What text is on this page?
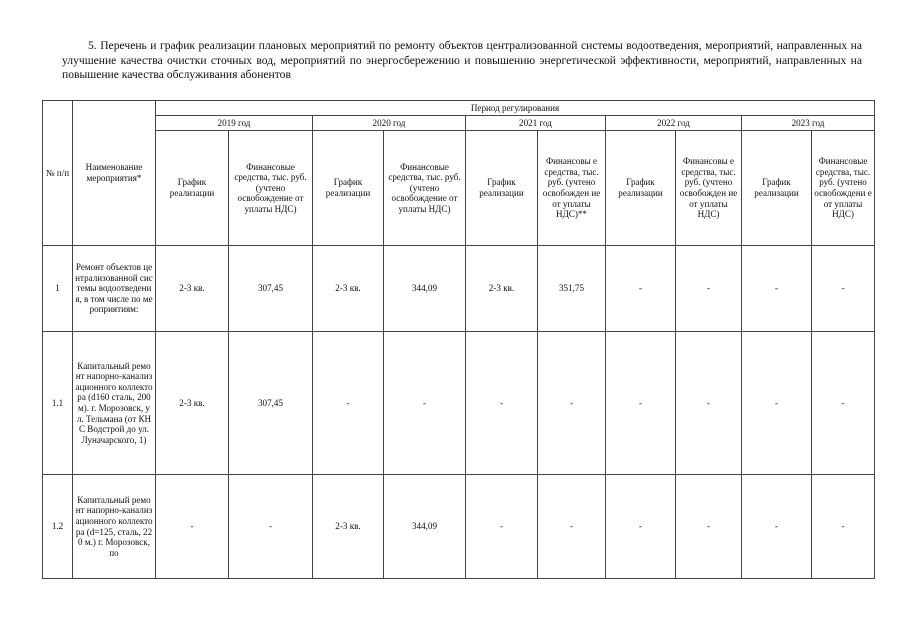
5. Перечень и график реализации плановых мероприятий по ремонту объектов централизованной системы водоотведения, мероприятий, направленных на улучшение качества очистки сточных вод, мероприятий по энергосбережению и повышению энергетической эффективности, мероприятий, направленных на повышение качества обслуживания абонентов
№ п/п	Наименование мероприятия*	Период регулирования									
		2019 год		2020 год		2021 год		2022 год		2023 год	
		График реализации	Финансовые средства, тыс. руб. (учтено освобождение от уплаты НДС)	График реализации	Финансовые средства, тыс. руб. (учтено освобождение от уплаты НДС)	График реализации	Финансовы е средства, тыс. руб. (учтено освобожден ие от уплаты НДС)**	График реализации	Финансовы е средства, тыс. руб. (учтено освобожден ие от уплаты НДС)	График реализации	Финансовые средства, тыс. руб. (учтено освобождени е от уплаты НДС)
1	Ремонт объектов централизованной системы водоотведения, в том числе по мероприятиям:	2-3 кв.	307,45	2-3 кв.	344,09	2-3 кв.	351,75	-	-	-	-
1.1	Капитальный ремонт напорно-канализационного коллектора (d160 сталь, 200м). г. Морозовск, ул. Тельмана (от КНС Водстрой до ул. Луначарского, 1)	2-3 кв.	307,45	-	-	-	-	-	-	-	-
1.2	Капитальный ремонт напорно-канализационного коллектора (d=125, сталь, 220 м.) г. Морозовск, по	-	-	2-3 кв.	344,09	-	-	-	-	-	-
